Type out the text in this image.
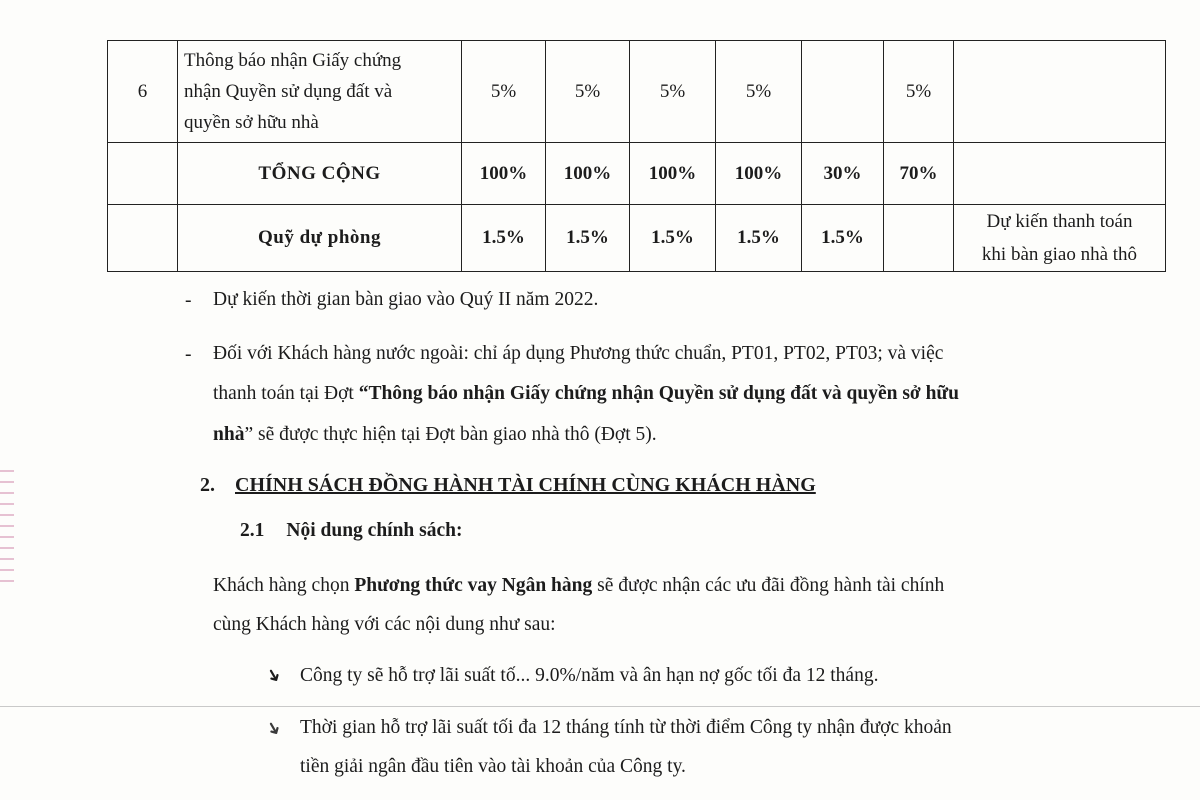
6	Thông báo nhận Giấy chứng
nhận Quyền sử dụng đất và
quyền sở hữu nhà	5%	5%	5%	5%		5%	
	TỔNG CỘNG	100%	100%	100%	100%	30%	70%	
	Quỹ dự phòng	1.5%	1.5%	1.5%	1.5%	1.5%		Dự kiến thanh toán
khi bàn giao nhà thô
- Dự kiến thời gian bàn giao vào Quý II năm 2022.
- Đối với Khách hàng nước ngoài: chỉ áp dụng Phương thức chuẩn, PT01, PT02, PT03; và việc
thanh toán tại Đợt “Thông báo nhận Giấy chứng nhận Quyền sử dụng đất và quyền sở hữu
nhà” sẽ được thực hiện tại Đợt bàn giao nhà thô (Đợt 5).
2. CHÍNH SÁCH ĐỒNG HÀNH TÀI CHÍNH CÙNG KHÁCH HÀNG
2.1 Nội dung chính sách:
Khách hàng chọn Phương thức vay Ngân hàng sẽ được nhận các ưu đãi đồng hành tài chính
cùng Khách hàng với các nội dung như sau:
➜ Công ty sẽ hỗ trợ lãi suất tố... 9.0%/năm và ân hạn nợ gốc tối đa 12 tháng.
➜ Thời gian hỗ trợ lãi suất tối đa 12 tháng tính từ thời điểm Công ty nhận được khoản
tiền giải ngân đầu tiên vào tài khoản của Công ty.
